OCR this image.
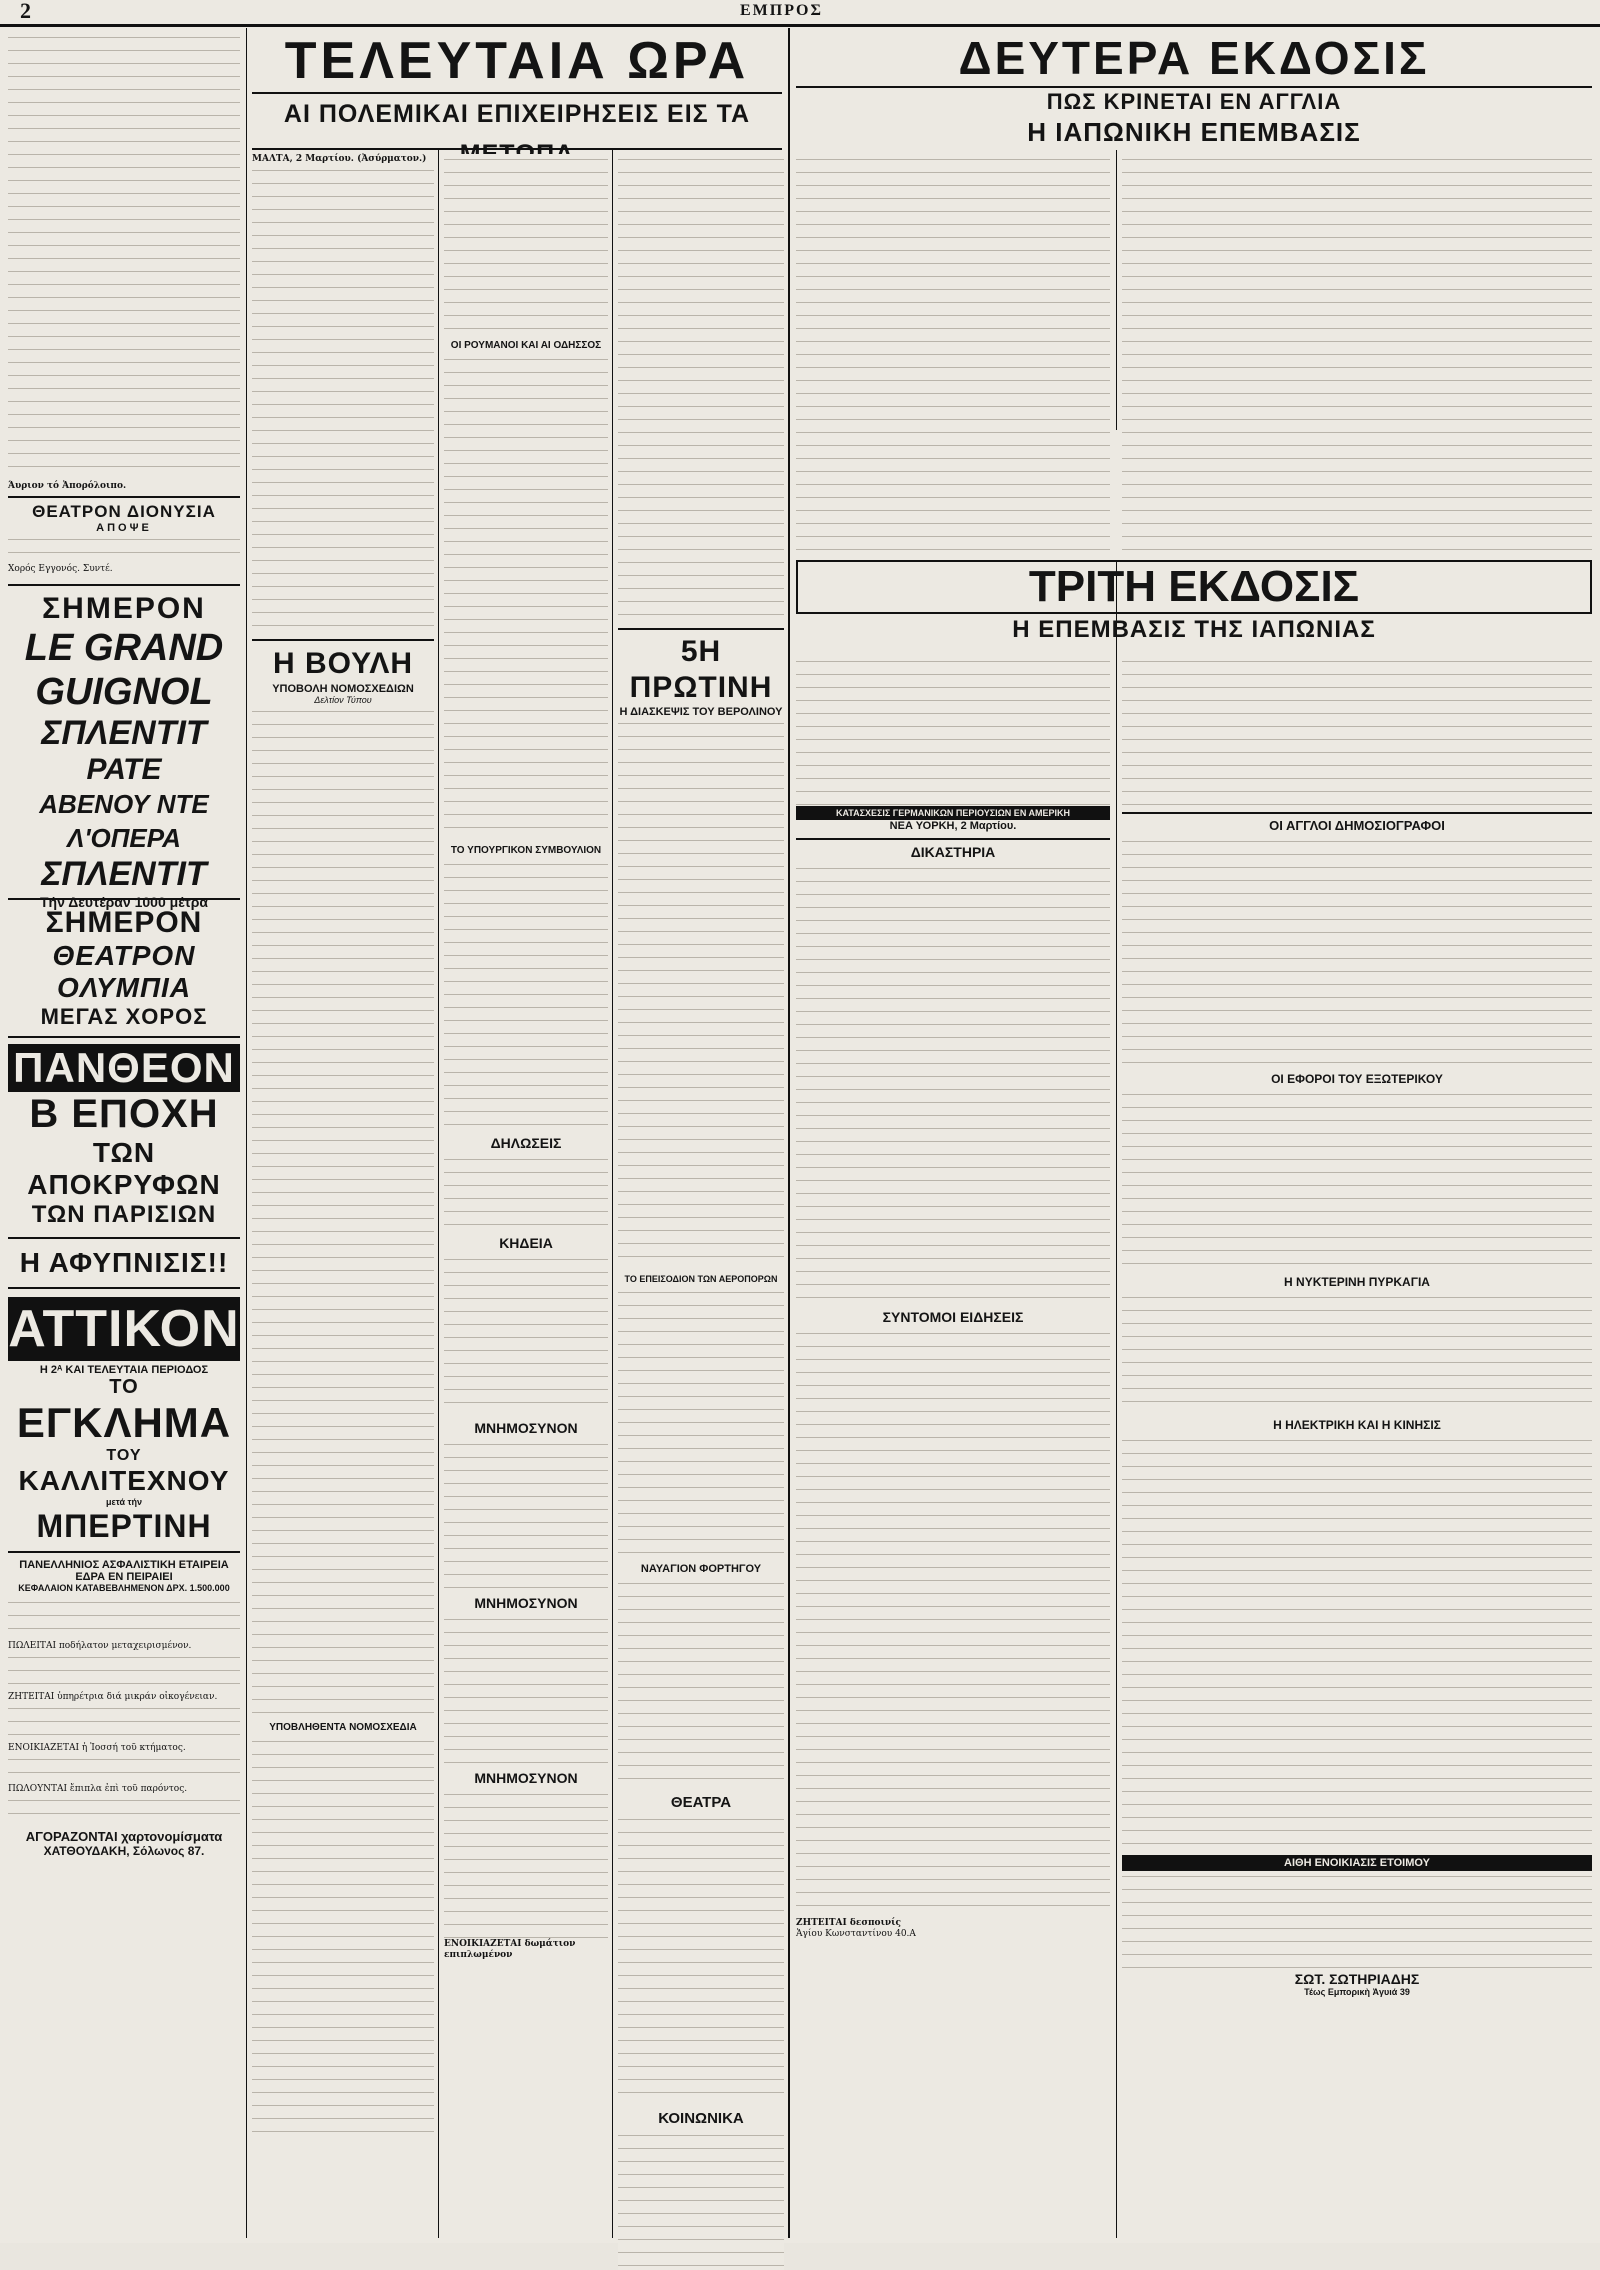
2	ΕΜΠΡΟΣ
Άυριον τό Ἀπορόλοιπο.
ΘΕΑΤΡΟΝ ΔΙΟΝΥΣΙΑ
ΑΠΟΨΕ
Χορός Εγγονός. Συντέ.
ΣΗΜΕΡΟΝ
LE GRAND GUIGNOL
ΣΠΛΕΝΤΙΤ
ΡΑΤΕ
ΑΒΕΝΟΥ ΝΤΕ Λ'ΟΠΕΡΑ
ΣΠΛΕΝΤΙΤ
Τήν Δευτέραν 1000 μέτρα
ΣΗΜΕΡΟΝ
ΘΕΑΤΡΟΝ ΟΛΥΜΠΙΑ
ΜΕΓΑΣ ΧΟΡΟΣ
ΠΑΝΘΕΟΝ
Β ΕΠΟΧΗ
ΤΩΝ ΑΠΟΚΡΥΦΩΝ
ΤΩΝ ΠΑΡΙΣΙΩΝ
Η ΑΦΥΠΝΙΣΙΣ!!
ΑΤΤΙΚΟΝ
Η 2ᴬ ΚΑΙ ΤΕΛΕΥΤΑΙΑ ΠΕΡΙΟΔΟΣ
ΤΟ
ΕΓΚΛΗΜΑ
ΤΟΥ
ΚΑΛΛΙΤΕΧΝΟΥ
μετά τήν
ΜΠΕΡΤΙΝΗ
ΠΑΝΕΛΛΗΝΙΟΣ ΑΣΦΑΛΙΣΤΙΚΗ ΕΤΑΙΡΕΙΑ
ΕΔΡΑ ΕΝ ΠΕΙΡΑΙΕΙ
ΚΕΦΑΛΑΙΟΝ ΚΑΤΑΒΕΒΛΗΜΕΝΟΝ ΔΡΧ. 1.500.000
ΠΩΛΕΙΤΑΙ ποδήλατον μεταχειρισμένον.
ΖΗΤΕΙΤΑΙ ὑπηρέτρια διά μικράν οἰκογένειαν.
ΕΝΟΙΚΙΑΖΕΤΑΙ ἡ Ἰοσσή τοῦ κτήματος.
ΠΩΛΟΥΝΤΑΙ ἔπιπλα ἐπὶ τοῦ παρόντος.
ΑΓΟΡΑΖΟΝΤΑΙ χαρτονομίσματα
ΧΑΤΘΟΥΔΑΚΗ, Σόλωνος 87.
ΤΕΛΕΥΤΑΙΑ ΩΡΑ
ΑΙ ΠΟΛΕΜΙΚΑΙ ΕΠΙΧΕΙΡΗΣΕΙΣ ΕΙΣ ΤΑ
ΜΑΛΤΑ, 2 Μαρτίου. (Ἀσύρματον.)
Η ΒΟΥΛΗ
ΥΠΟΒΟΛΗ ΝΟΜΟΣΧΕΔΙΩΝ
Δελτίον Τύπου
ΥΠΟΒΛΗΘΕΝΤΑ ΝΟΜΟΣΧΕΔΙΑ
ΟΙ ΡΟΥΜΑΝΟΙ ΚΑΙ ΑΙ ΟΔΗΣΣΟΣ
ΤΟ ΥΠΟΥΡΓΙΚΟΝ ΣΥΜΒΟΥΛΙΟΝ
ΔΗΛΩΣΕΙΣ
ΚΗΔΕΙΑ
ΜΝΗΜΟΣΥΝΟΝ
ΜΝΗΜΟΣΥΝΟΝ
ΜΝΗΜΟΣΥΝΟΝ
ΕΝΟΙΚΙΑΖΕΤΑΙ δωμάτιον επιπλωμένον
5Η ΠΡΩΤΙΝΗ
Η ΔΙΑΣΚΕΨΙΣ ΤΟΥ ΒΕΡΟΛΙΝΟΥ
ΤΟ ΕΠΕΙΣΟΔΙΟΝ ΤΩΝ ΑΕΡΟΠΟΡΩΝ
ΝΑΥΑΓΙΟΝ ΦΟΡΤΗΓΟΥ
ΘΕΑΤΡΑ
ΚΟΙΝΩΝΙΚΑ
ΔΕΥΤΕΡΑ ΕΚΔΟΣΙΣ
ΠΩΣ ΚΡΙΝΕΤΑΙ ΕΝ ΑΓΓΛΙΑ
Η ΙΑΠΩΝΙΚΗ ΕΠΕΜΒΑΣΙΣ
ΤΡΙΤΗ ΕΚΔΟΣΙΣ
Η ΕΠΕΜΒΑΣΙΣ ΤΗΣ ΙΑΠΩΝΙΑΣ
ΚΑΤΑΣΧΕΣΙΣ ΓΕΡΜΑΝΙΚΩΝ ΠΕΡΙΟΥΣΙΩΝ ΕΝ ΑΜΕΡΙΚΗ
ΝΕΑ ΥΟΡΚΗ, 2 Μαρτίου.
ΔΙΚΑΣΤΗΡΙΑ
ΣΥΝΤΟΜΟΙ ΕΙΔΗΣΕΙΣ
ΖΗΤΕΙΤΑΙ δεσποινίς
Ἁγίου Κωνσταντίνου 40.Α
ΟΙ ΑΓΓΛΟΙ ΔΗΜΟΣΙΟΓΡΑΦΟΙ
ΟΙ ΕΦΟΡΟΙ ΤΟΥ ΕΞΩΤΕΡΙΚΟΥ
Η ΝΥΚΤΕΡΙΝΗ ΠΥΡΚΑΓΙΑ
Η ΗΛΕΚΤΡΙΚΗ ΚΑΙ Η ΚΙΝΗΣΙΣ
ΑΙΘΗ ΕΝΟΙΚΙΑΣΙΣ ΕΤΟΙΜΟΥ
ΣΩΤ. ΣΩΤΗΡΙΑΔΗΣ
Τέως Εμπορικὴ Ἀγυιά 39
